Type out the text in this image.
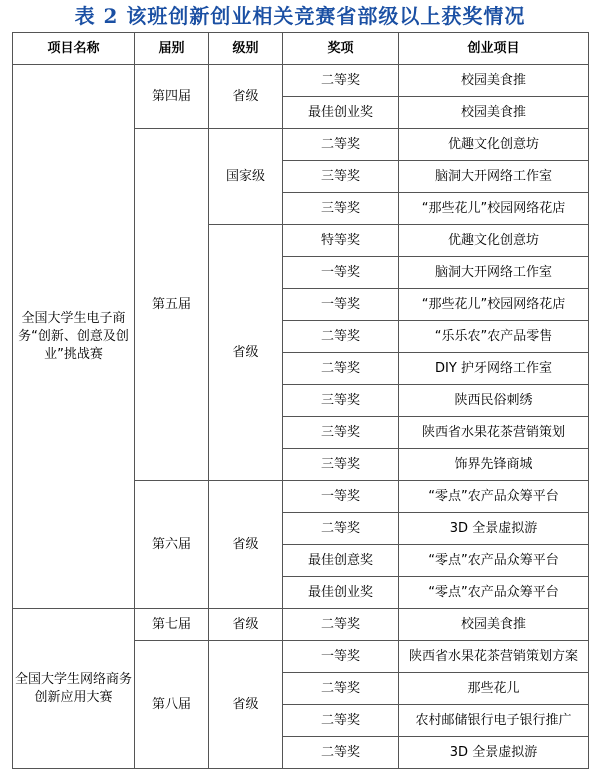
表 2 该班创新创业相关竞赛省部级以上获奖情况
项目名称	届别	级别	奖项	创业项目
全国大学生电子商务“创新、创意及创业”挑战赛	第四届	省级	二等奖	校园美食推
			最佳创业奖	校园美食推
	第五届	国家级	二等奖	优趣文化创意坊
			三等奖	脑洞大开网络工作室
			三等奖	“那些花儿”校园网络花店
		省级	特等奖	优趣文化创意坊
			一等奖	脑洞大开网络工作室
			一等奖	“那些花儿”校园网络花店
			二等奖	“乐乐农”农产品零售
			二等奖	DIY 护牙网络工作室
			三等奖	陕西民俗刺绣
			三等奖	陕西省水果花茶营销策划
			三等奖	饰界先锋商城
	第六届	省级	一等奖	“零点”农产品众筹平台
			二等奖	3D 全景虚拟游
			最佳创意奖	“零点”农产品众筹平台
			最佳创业奖	“零点”农产品众筹平台
全国大学生网络商务创新应用大赛	第七届	省级	二等奖	校园美食推
	第八届	省级	一等奖	陕西省水果花茶营销策划方案
			二等奖	那些花儿
			二等奖	农村邮储银行电子银行推广
			二等奖	3D 全景虚拟游
